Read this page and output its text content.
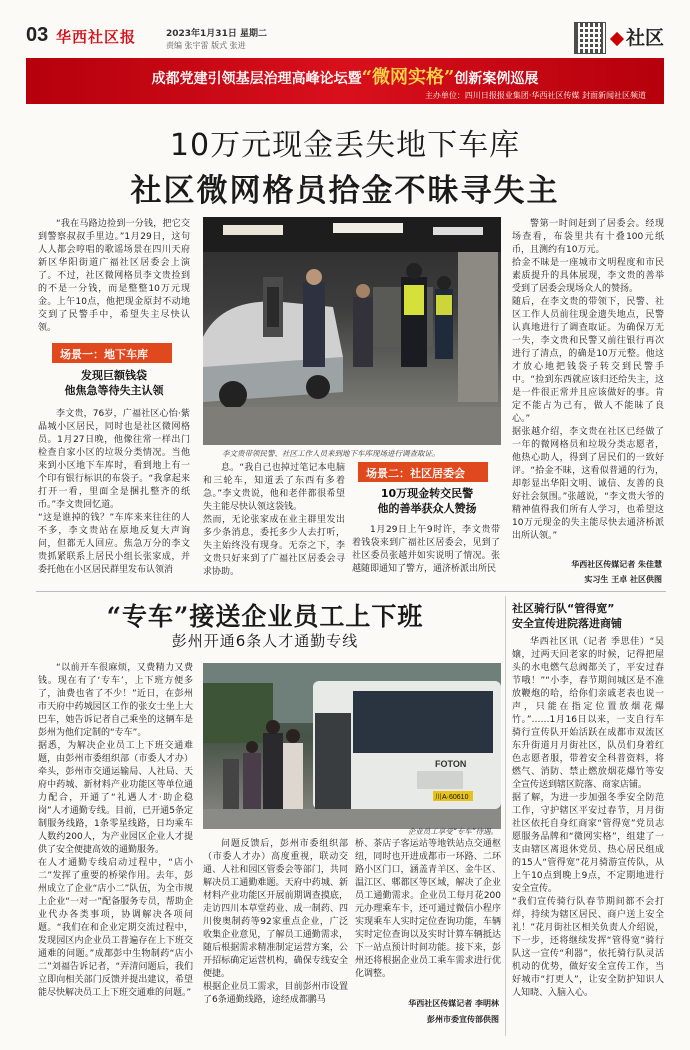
03 华西社区报	2023年1月31日 星期二
责编 张宇雷 版式 张进	社区
成都党建引领基层治理高峰论坛暨“微网实格”创新案例巡展
主办单位：四川日报报业集团·华西社区传媒 封面新闻社区频道
10万元现金丢失地下车库
社区微网格员拾金不昧寻失主

“我在马路边捡到一分钱，把它交到警察叔叔手里边。”1月29日，这句人人都会哼唱的歌谣场景在四川天府新区华阳街道广福社区居委会上演了。不过，社区微网格员李文贵捡到的不是一分钱，而是整整10万元现金。上午10点，他把现金原封不动地交到了民警手中，希望失主尽快认领。

场景一：地下车库
发现巨额钱袋
他焦急等待失主认领
李文贵，76岁，广福社区心怡·紫晶城小区居民，同时也是社区微网格员。1月27日晚，他像往常一样出门检查自家小区的垃圾分类情况。当他来到小区地下车库时，看到地上有一个印有银行标识的布袋子。“我拿起来打开一看，里面全是捆扎整齐的纸币。”李文贵回忆道。
“这是谁掉的钱？”车库来来往往的人不多，李文贵站在原地反复大声询问，但都无人回应。焦急万分的李文贵抓紧联系上居民小组长张家成，并委托他在小区居民群里发布认领消
李文贵带领民警、社区工作人员来到地下车库现场进行调查取证。
息。“我自己也掉过笔记本电脑和三轮车，知道丢了东西有多着急。”李文贵说，他和老伴都很希望失主能尽快认领这袋钱。
然而，无论张家成在业主群里发出多少条消息，委托多少人去打听，失主始终没有现身。无奈之下，李文贵只好来到了广福社区居委会寻求协助。
场景二：社区居委会
10万现金转交民警
他的善举获众人赞扬

1月29日上午9时许，李文贵带着钱袋来到广福社区居委会，见到了社区委员张越并如实说明了情况。张越随即通知了警方，通济桥派出所民

警第一时间赶到了居委会。经现场查看，布袋里共有十叠100元纸币，且测约有10万元。
拾金不昧是一座城市文明程度和市民素质提升的具体展现，李文贵的善举受到了居委会现场众人的赞扬。
随后，在李文贵的带领下，民警、社区工作人员前往现金遗失地点，民警认真地进行了调查取证。为确保万无一失，李文贵和民警又前往银行再次进行了清点，的确是10万元整。他这才放心地把钱袋子转交到民警手中。“捡到东西就应该归还给失主，这是一件很正常并且应该做好的事。肯定不能占为己有，做人不能昧了良心。”
据张越介绍，李文贵在社区已经做了一年的微网格员和垃圾分类志愿者，他热心助人，得到了居民们的一致好评。“拾金不昧，这看似普通的行为，却彰显出华阳文明、诚信、友善的良好社会氛围。”张越说，“李文贵大爷的精神值得我们所有人学习，也希望这10万元现金的失主能尽快去通济桥派出所认领。”
华西社区传媒记者 朱佳慧
实习生 王卓 社区供图
“专车”接送企业员工上下班
彭州开通6条人才通勤专线
“以前开车很麻烦，又费精力又费钱。现在有了‘专车’，上下班方便多了，油费也省了不少！”近日，在彭州市天府中药城园区工作的张女士坐上大巴车，她告诉记者自己乘坐的这辆车是彭州为他们定制的“专车”。
据悉，为解决企业员工上下班交通难题，由彭州市委组织部（市委人才办）牵头，彭州市交通运输局、人社局、天府中药城、新材料产业功能区等单位通力配合，开通了“礼遇人才·助企稳岗”人才通勤专线。目前，已开通5条定制服务线路，1条零星线路，日均乘车人数约200人，为产业园区企业人才提供了安全便捷高效的通勤服务。
在人才通勤专线启动过程中，“店小二”发挥了重要的桥梁作用。去年，彭州成立了企业“店小二”队伍，为全市规上企业“一对一”配备服务专员，帮助企业代办各类事项，协调解决各项问题。“我们在和企业定期交流过程中，发现园区内企业员工普遍存在上下班交通难的问题。”成都彭中生物制药“店小二”刘福告诉记者，“弄清问题后，我们立即向相关部门反馈并提出建议，希望能尽快解决员工上下班交通难的问题。”
FOTON
川A·60610
企业员工享受“专车”待遇。
问题反馈后，彭州市委组织部（市委人才办）高度重视，联动交通、人社和园区管委会等部门，共同解决员工通勤难题。天府中药城、新材料产业功能区开展前期调查摸底，走访四川本草堂药业、成一制药、四川俊奥制药等92家重点企业，广泛收集企业意见，了解员工通勤需求，随后根据需求精准制定运营方案，公开招标确定运营机构，确保专线安全便捷。
根据企业员工需求，目前彭州市设置了6条通勤线路，途经成都鹏马
桥、茶店子客运站等地铁站点交通枢纽，同时也开进成都市一环路、二环路小区门口，涵盖青羊区、金牛区、温江区、郫都区等区域，解决了企业员工通勤需求。企业员工每月花200元办理乘车卡，还可通过微信小程序实现乘车人实时定位查询功能，车辆实时定位查询以及实时计算车辆抵达下一站点预计时间功能。接下来，彭州还将根据企业员工乘车需求进行优化调整。
华西社区传媒记者 李明林
彭州市委宣传部供图
社区骑行队“管得宽”
安全宣传进院落进商铺
华西社区讯（记者 季思佳）“吴嬢，过两天回老家的时候，记得把屋头的水电燃气总阀都关了，平安过春节哦！”“小李，春节期间城区是不准放鞭炮的哈，给你们亲戚老表也说一声，只能在指定位置放烟花爆竹。”……1月16日以来，一支自行车骑行宣传队开始活跃在成都市双流区东升街道月月街社区，队员们身着红色志愿者服，带着安全科普资料，将燃气、消防、禁止燃放烟花爆竹等安全宣传送到辖区院落、商家店铺。
据了解，为进一步加强冬季安全防范工作，守护辖区平安过春节，月月街社区依托自身红商家“管得宽”党员志愿服务品牌和“微网实格”，组建了一支由辖区离退休党员、热心居民组成的15人“管得宽”花月骑游宣传队，从上午10点到晚上9点，不定期地进行安全宣传。
“我们宣传骑行队春节期间都不会打烊，持续为辖区居民、商户送上安全礼！”花月街社区相关负责人介绍说，下一步，还将继续发挥“管得宽”骑行队这一宣传“利器”，依托骑行队灵活机动的优势，做好安全宣传工作，当好城市“打更人”，让安全防护知识人人知晓、入脑入心。
